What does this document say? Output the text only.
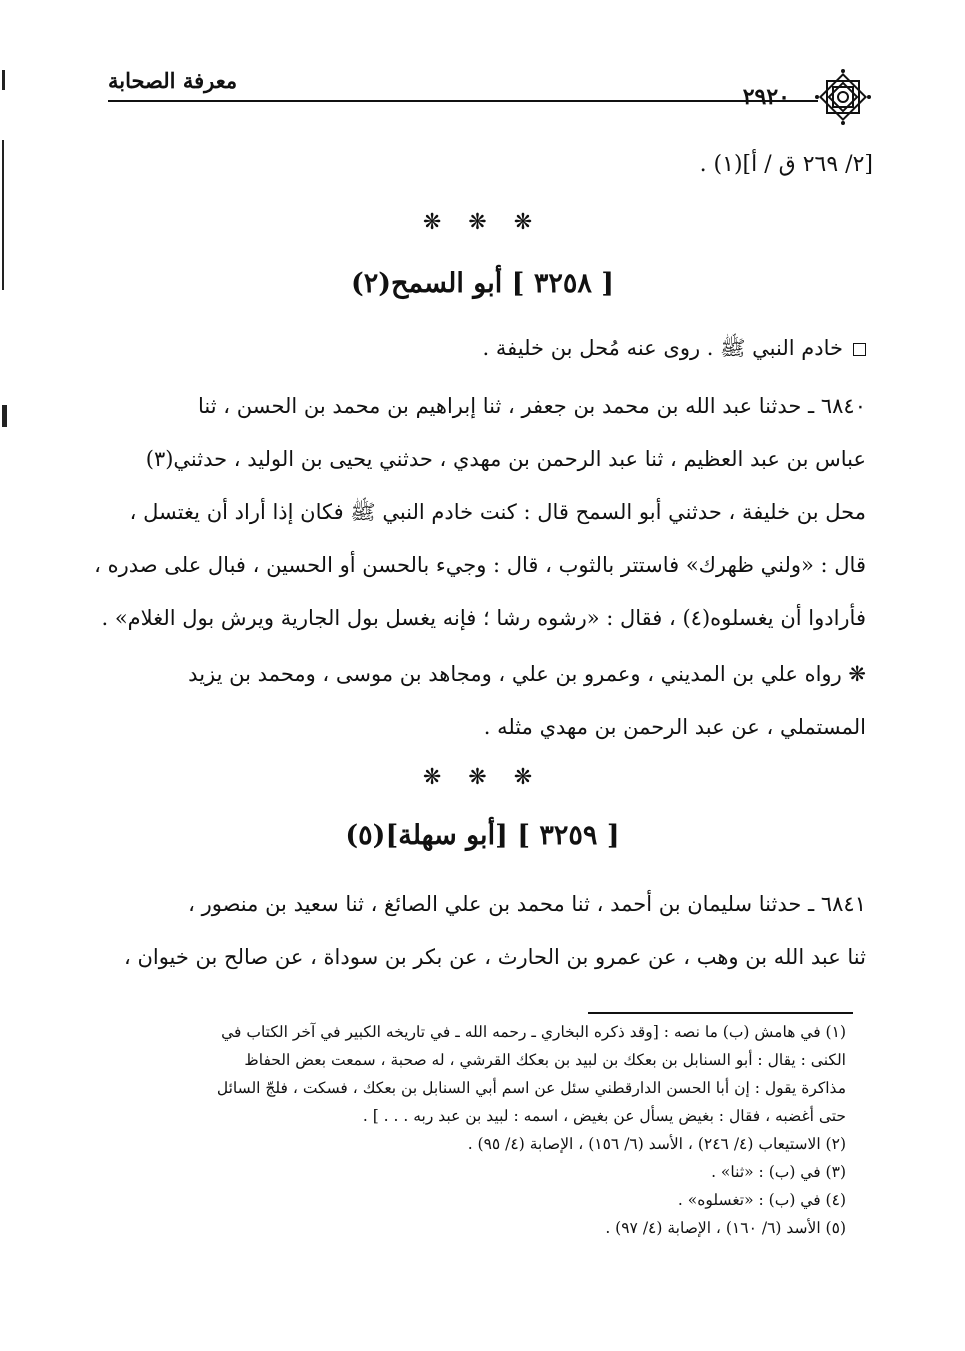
معرفة الصحابة
٢٩٢٠
[٢/ ٢٦٩ ق / أ](١) .
❋ ❋ ❋
[ ٣٢٥٨ ] أبو السمح(٢)
خادم النبي ﷺ . روى عنه مُحل بن خليفة .
٦٨٤٠ ـ حدثنا عبد الله بن محمد بن جعفر ، ثنا إبراهيم بن محمد بن الحسن ، ثنا
عباس بن عبد العظيم ، ثنا عبد الرحمن بن مهدي ، حدثني يحيى بن الوليد ، حدثني(٣)
محل بن خليفة ، حدثني أبو السمح قال : كنت خادم النبي ﷺ فكان إذا أراد أن يغتسل ،
قال : «ولني ظهرك» فاستتر بالثوب ، قال : وجيء بالحسن أو الحسين ، فبال على صدره ،
فأرادوا أن يغسلوه(٤) ، فقال : «رشوه رشا ؛ فإنه يغسل بول الجارية ويرش بول الغلام» .
❋ رواه علي بن المديني ، وعمرو بن علي ، ومجاهد بن موسى ، ومحمد بن يزيد
المستملي ، عن عبد الرحمن بن مهدي مثله .
❋ ❋ ❋
[ ٣٢٥٩ ] [أبو سهلة](٥)
٦٨٤١ ـ حدثنا سليمان بن أحمد ، ثنا محمد بن علي الصائغ ، ثنا سعيد بن منصور ،
ثنا عبد الله بن وهب ، عن عمرو بن الحارث ، عن بكر بن سوداة ، عن صالح بن خيوان ،
(١) في هامش (ب) ما نصه : [وقد ذكره البخاري ـ رحمه الله ـ في تاريخه الكبير في آخر الكتاب في
الكنى : يقال : أبو السنابل بن بعكك بن لبيد بن بعكك القرشي ، له صحبة ، سمعت بعض الحفاظ
مذاكرة يقول : إن أبا الحسن الدارقطني سئل عن اسم أبي السنابل بن بعكك ، فسكت ، فلجّ السائل
حتى أغضبه ، فقال : بغيض يسأل عن بغيض ، اسمه : لبيد بن عبد ربه . . . ] .
(٢) الاستيعاب (٤/ ٢٤٦) ، الأسد (٦/ ١٥٦) ، الإصابة (٤/ ٩٥) .
(٣) في (ب) : «ثنا» .
(٤) في (ب) : «تغسلوه» .
(٥) الأسد (٦/ ١٦٠) ، الإصابة (٤/ ٩٧) .
